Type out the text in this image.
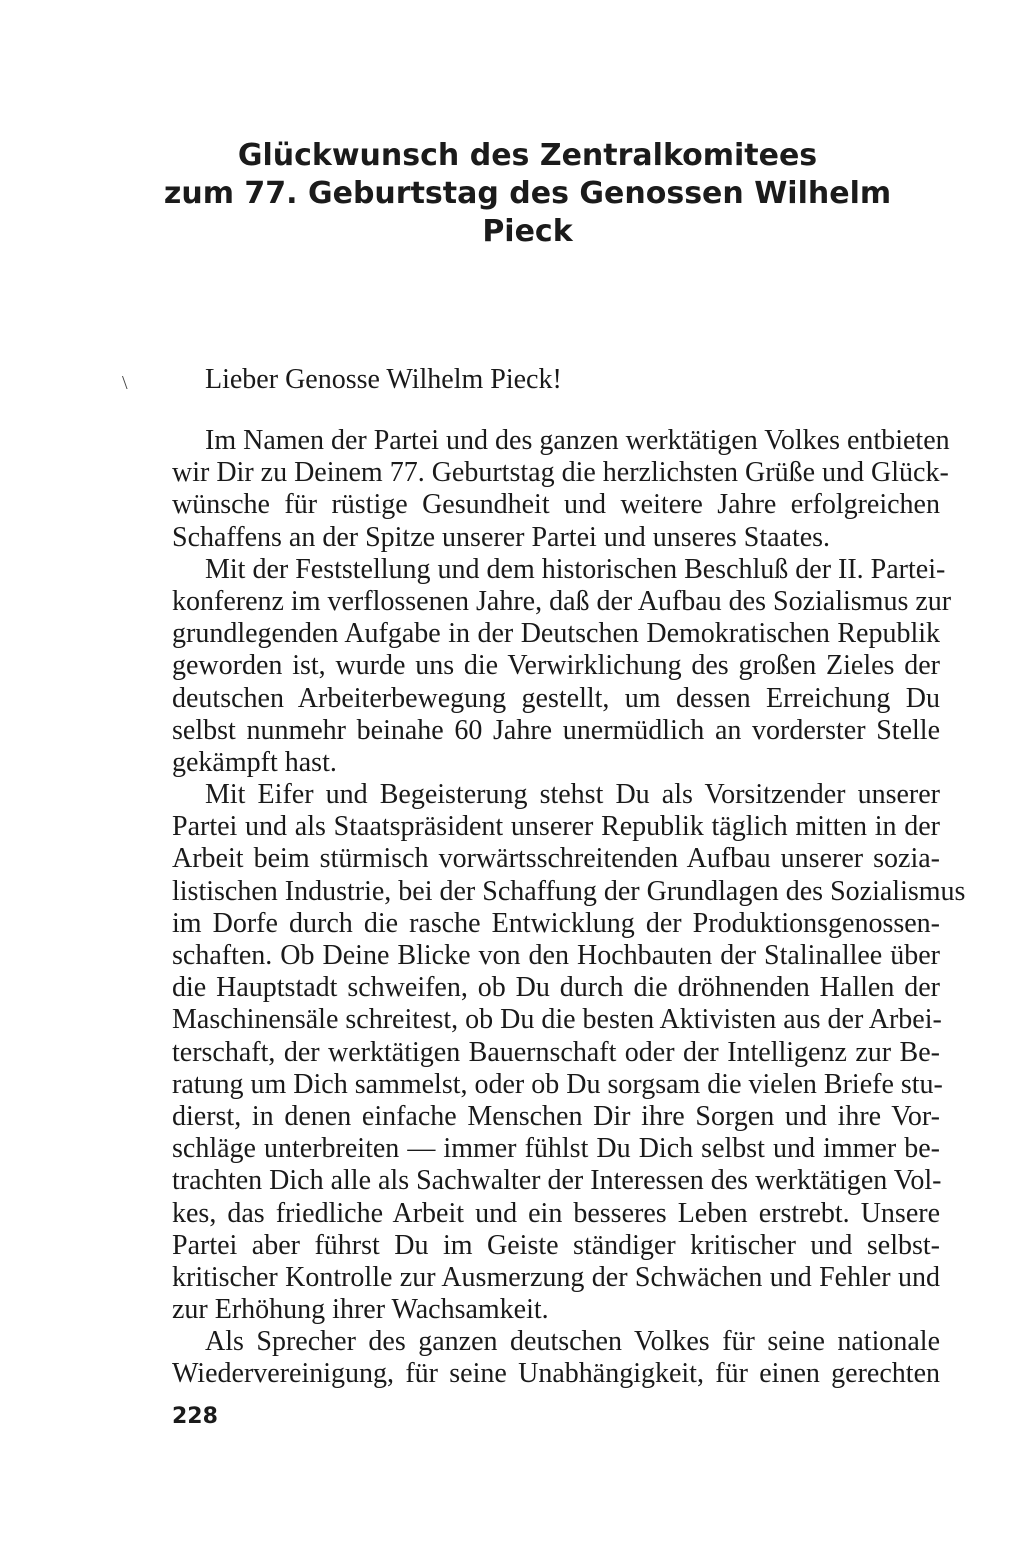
Glückwunsch des Zentralkomitees
zum 77. Geburtstag des Genossen Wilhelm Pieck
\	Lieber Genosse Wilhelm Pieck!

Im Namen der Partei und des ganzen werktätigen Volkes entbieten
wir Dir zu Deinem 77. Geburtstag die herzlichsten Grüße und Glück-
wünsche für rüstige Gesundheit und weitere Jahre erfolgreichen
Schaffens an der Spitze unserer Partei und unseres Staates.
Mit der Feststellung und dem historischen Beschluß der II. Partei-
konferenz im verflossenen Jahre, daß der Aufbau des Sozialismus zur
grundlegenden Aufgabe in der Deutschen Demokratischen Republik
geworden ist, wurde uns die Verwirklichung des großen Zieles der
deutschen Arbeiterbewegung gestellt, um dessen Erreichung Du
selbst nunmehr beinahe 60 Jahre unermüdlich an vorderster Stelle
gekämpft hast.
Mit Eifer und Begeisterung stehst Du als Vorsitzender unserer
Partei und als Staatspräsident unserer Republik täglich mitten in der
Arbeit beim stürmisch vorwärtsschreitenden Aufbau unserer sozia-
listischen Industrie, bei der Schaffung der Grundlagen des Sozialismus
im Dorfe durch die rasche Entwicklung der Produktionsgenossen-
schaften. Ob Deine Blicke von den Hochbauten der Stalinallee über
die Hauptstadt schweifen, ob Du durch die dröhnenden Hallen der
Maschinensäle schreitest, ob Du die besten Aktivisten aus der Arbei-
terschaft, der werktätigen Bauernschaft oder der Intelligenz zur Be-
ratung um Dich sammelst, oder ob Du sorgsam die vielen Briefe stu-
dierst, in denen einfache Menschen Dir ihre Sorgen und ihre Vor-
schläge unterbreiten — immer fühlst Du Dich selbst und immer be-
trachten Dich alle als Sachwalter der Interessen des werktätigen Vol-
kes, das friedliche Arbeit und ein besseres Leben erstrebt. Unsere
Partei aber führst Du im Geiste ständiger kritischer und selbst-
kritischer Kontrolle zur Ausmerzung der Schwächen und Fehler und
zur Erhöhung ihrer Wachsamkeit.
Als Sprecher des ganzen deutschen Volkes für seine nationale
Wiedervereinigung, für seine Unabhängigkeit, für einen gerechten
228
